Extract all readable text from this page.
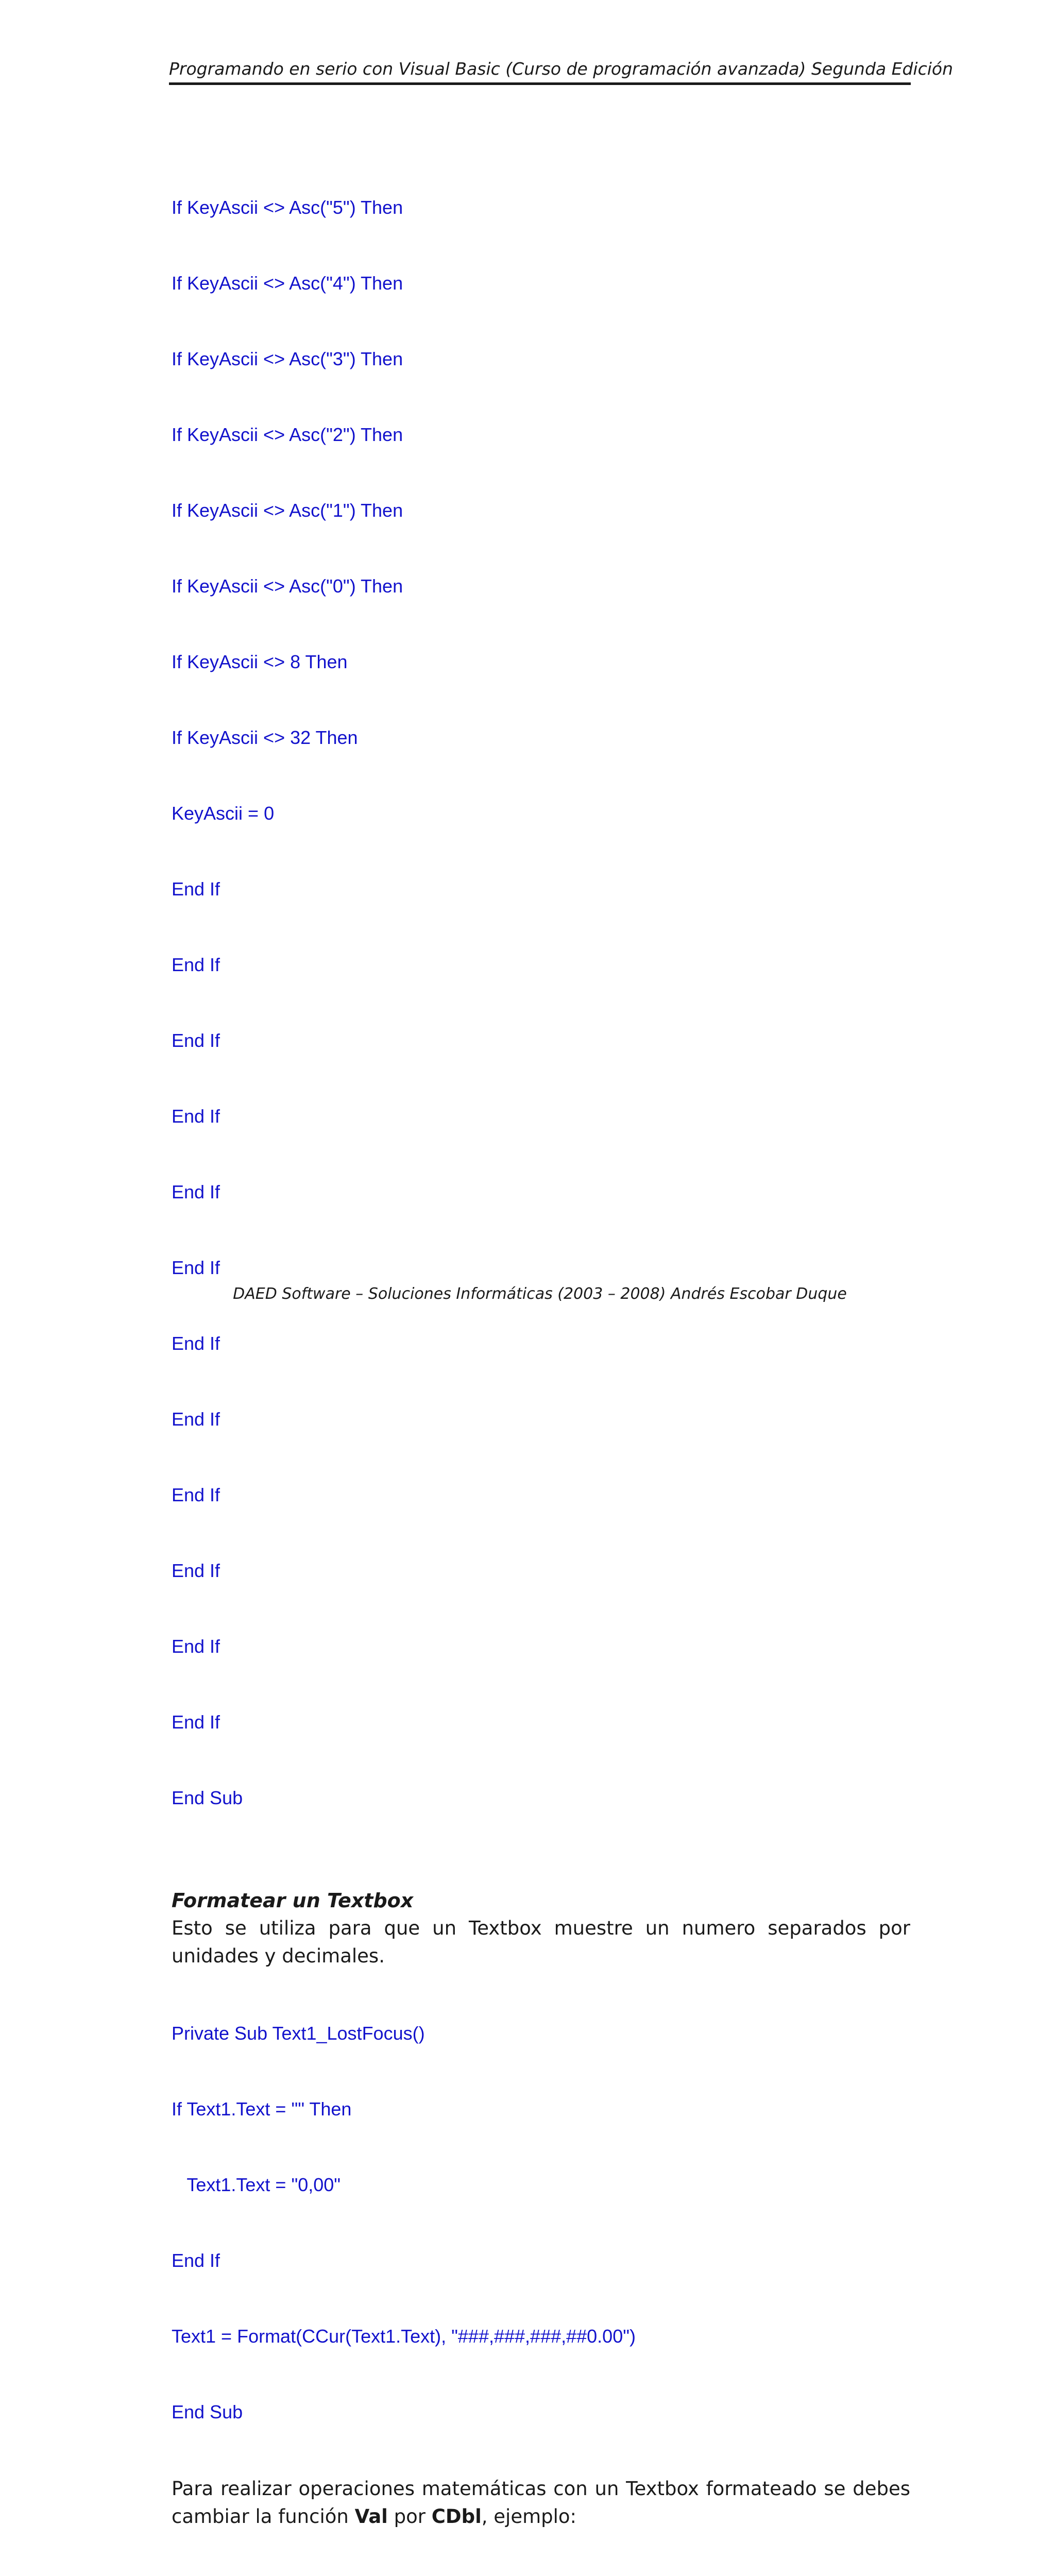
Programando en serio con Visual Basic (Curso de programación avanzada) Segunda Edición

If KeyAscii <> Asc("5") Then

If KeyAscii <> Asc("4") Then

If KeyAscii <> Asc("3") Then

If KeyAscii <> Asc("2") Then

If KeyAscii <> Asc("1") Then

If KeyAscii <> Asc("0") Then

If KeyAscii <> 8 Then

If KeyAscii <> 32 Then

KeyAscii = 0

End If

End If

End If

End If

End If

End If

End If

End If

End If

End If

End If

End If

End Sub

Formatear un Textbox
Esto se utiliza para que un Textbox muestre un numero separados por unidades y decimales.

Private Sub Text1_LostFocus()

If Text1.Text = "" Then

Text1.Text = "0,00"

End If

Text1 = Format(CCur(Text1.Text), "###,###,###,##0.00")

End Sub

Para realizar operaciones matemáticas con un Textbox formateado se debes cambiar la función Val por CDbl, ejemplo:

DAED Software – Soluciones Informáticas (2003 – 2008) Andrés Escobar Duque
